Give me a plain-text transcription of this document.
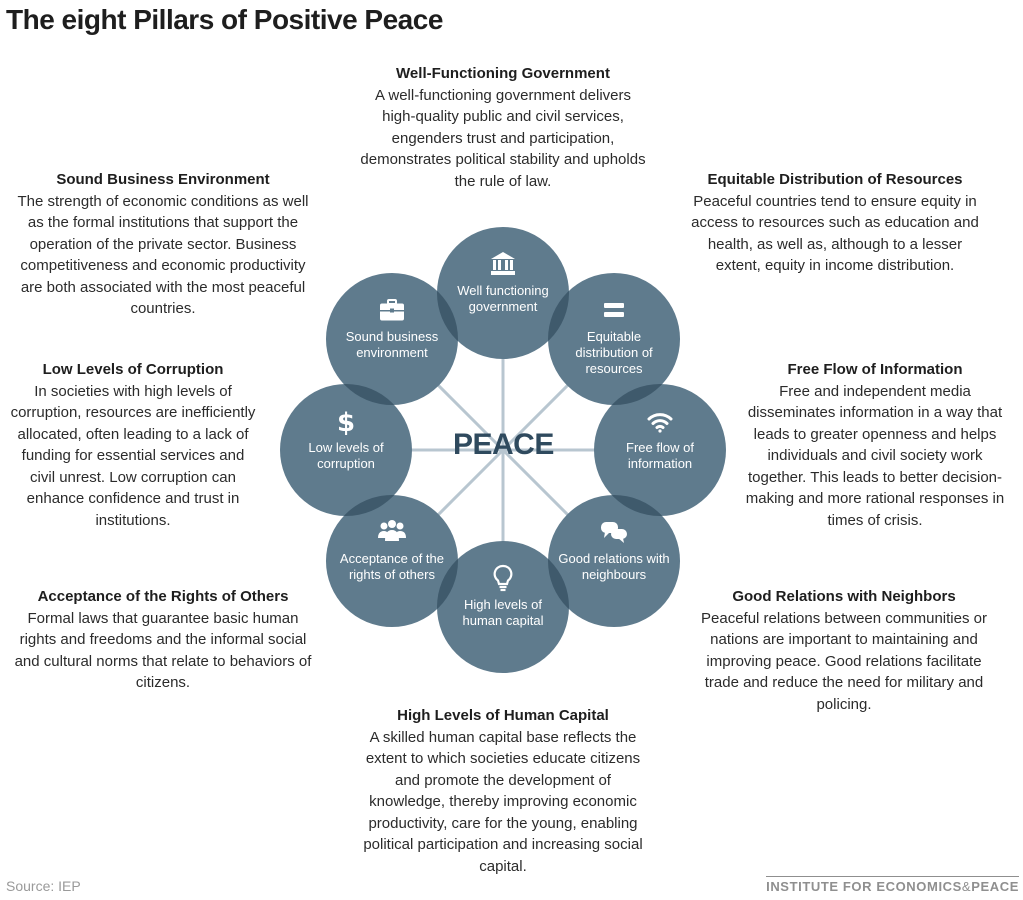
The eight Pillars of Positive Peace
Well-Functioning Government

A well-functioning government delivers high-quality public and civil services, engenders trust and participation, demonstrates political stability and upholds the rule of law.	Equitable Distribution of Resources

Peaceful countries tend to ensure equity in access to resources such as education and health, as well as, although to a lesser extent, equity in income distribution.

Free Flow of Information

Free and independent media disseminates information in a way that leads to greater openness and helps individuals and civil society work together. This leads to better decision-making and more rational responses in times of crisis.

Good Relations with Neighbors

Peaceful relations between communities or nations are important to maintaining and improving peace. Good relations facilitate trade and reduce the need for military and policing.

High Levels of Human Capital

A skilled human capital base reflects the extent to which societies educate citizens and promote the development of knowledge, thereby improving economic productivity, care for the young, enabling political participation and increasing social capital.

Acceptance of the Rights of Others

Formal laws that guarantee basic human rights and freedoms and the informal social and cultural norms that relate to behaviors of citizens.

Low Levels of Corruption

In societies with high levels of corruption, resources are inefficiently allocated, often leading to a lack of funding for essential services and civil unrest. Low corruption can enhance confidence and trust in institutions.

Sound Business Environment

The strength of economic conditions as well as the formal institutions that support the operation of the private sector. Business competitiveness and economic productivity are both associated with the most peaceful countries.

PEACE
Well functioning government
Equitable distribution of resources
Free flow of information
Good relations with neighbours
High levels of human capital
Acceptance of the rights of others
$
Low levels of corruption
Sound business environment
Source: IEP	INSTITUTE FOR ECONOMICS&PEACE
